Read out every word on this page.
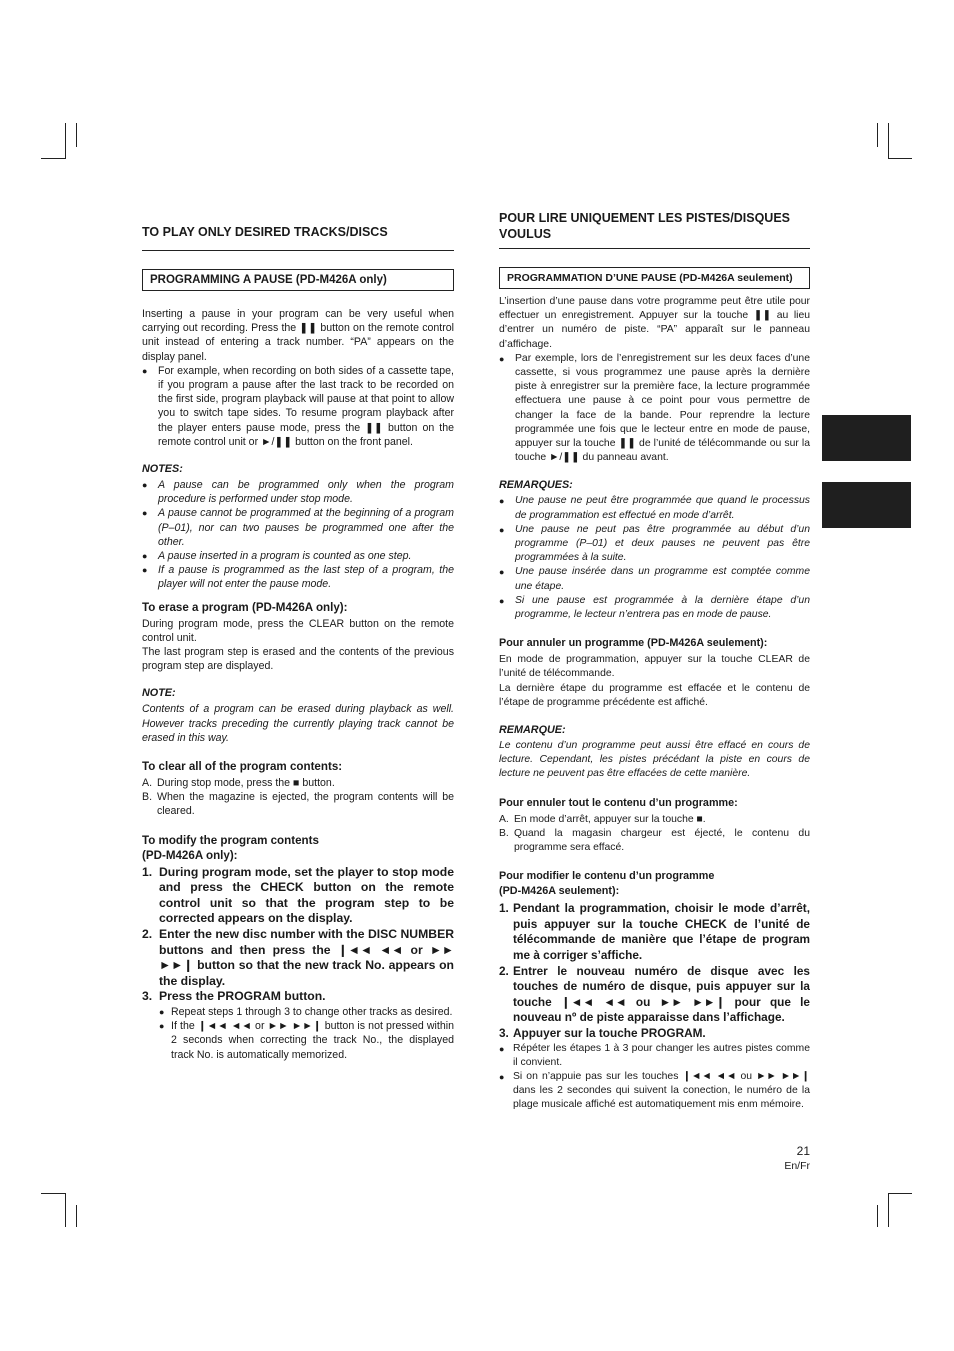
TO PLAY ONLY DESIRED TRACKS/DISCS
PROGRAMMING A PAUSE (PD-M426A only)

Inserting a pause in your program can be very useful when carrying out recording. Press the ❚❚ button on the remote control unit instead of entering a track number. “PA” appears on the display panel.

● For example, when recording on both sides of a cassette tape, if you program a pause after the last track to be recorded on the first side, program playback will pause at that point to allow you to switch tape sides. To resume program playback after the player enters pause mode, press the ❚❚ button on the remote control unit or ►/❚❚ button on the front panel.

NOTES:

● A pause can be programmed only when the program procedure is performed under stop mode.

● A pause cannot be programmed at the beginning of a program (P–01), nor can two pauses be programmed one after the other.

● A pause inserted in a program is counted as one step.

● If a pause is programmed as the last step of a program, the player will not enter the pause mode.

To erase a program (PD-M426A only):

During program mode, press the CLEAR button on the remote control unit.

The last program step is erased and the contents of the previous program step are displayed.

NOTE:

Contents of a program can be erased during playback as well. However tracks preceding the currently playing track cannot be erased in this way.

To clear all of the program contents:

A. During stop mode, press the ■ button.

B. When the magazine is ejected, the program contents will be cleared.

To modify the program contents
(PD-M426A only):

1. During program mode, set the player to stop mode and press the CHECK button on the remote control unit so that the program step to be corrected appears on the display.

2. Enter the new disc number with the DISC NUMBER buttons and then press the ❙◄◄ ◄◄ or ►► ►►❙ button so that the new track No. appears on the display.

3. Press the PROGRAM button.

● Repeat steps 1 through 3 to change other tracks as desired.

● If the ❙◄◄ ◄◄ or ►► ►►❙ button is not pressed within 2 seconds when correcting the track No., the displayed track No. is automatically memorized.

POUR LIRE UNIQUEMENT LES PISTES/DISQUES VOULUS
PROGRAMMATION D’UNE PAUSE (PD-M426A seulement)

L’insertion d’une pause dans votre programme peut être utile pour effectuer un enregistrement. Appuyer sur la touche ❚❚ au lieu d’entrer un numéro de piste. “PA” apparaît sur le panneau d’affichage.

● Par exemple, lors de l’enregistrement sur les deux faces d’une cassette, si vous programmez une pause après la dernière piste à enregistrer sur la première face, la lecture programmée effectuera une pause à ce point pour vous permettre de changer la face de la bande. Pour reprendre la lecture programmée une fois que le lecteur entre en mode de pause, appuyer sur la touche ❚❚ de l’unité de télécommande ou sur la touche ►/❚❚ du panneau avant.

REMARQUES:

● Une pause ne peut être programmée que quand le processus de programmation est effectué en mode d’arrêt.

● Une pause ne peut pas être programmée au début d’un programme (P–01) et deux pauses ne peuvent pas être programmées à la suite.

● Une pause insérée dans un programme est comptée comme une étape.

● Si une pause est programmée à la dernière étape d’un programme, le lecteur n’entrera pas en mode de pause.

Pour annuler un programme (PD-M426A seulement):

En mode de programmation, appuyer sur la touche CLEAR de l’unité de télécommande.

La dernière étape du programme est effacée et le contenu de l’étape de programme précédente est affiché.

REMARQUE:

Le contenu d’un programme peut aussi être effacé en cours de lecture. Cependant, les pistes précédant la piste en cours de lecture ne peuvent pas être effacées de cette manière.

Pour ennuler tout le contenu d’un programme:

A. En mode d’arrêt, appuyer sur la touche ■.

B. Quand la magasin chargeur est éjecté, le contenu du programme sera effacé.

Pour modifier le contenu d’un programme
(PD-M426A seulement):

1. Pendant la programmation, choisir le mode d’arrêt, puis appuyer sur la touche CHECK de l’unité de télécommande de manière que l’étape de program me à corriger s’affiche.

2. Entrer le nouveau numéro de disque avec les touches de numéro de disque, puis appuyer sur la touche ❙◄◄ ◄◄ ou ►► ►►❙ pour que le nouveau nº de piste apparaisse dans l’affichage.

3. Appuyer sur la touche PROGRAM.

● Répéter les étapes 1 à 3 pour changer les autres pistes comme il convient.

● Si on n’appuie pas sur les touches ❙◄◄ ◄◄ ou ►► ►►❙ dans les 2 secondes qui suivent la conection, le numéro de la plage musicale affiché est automatiquement mis enm mémoire.

21
En/Fr
